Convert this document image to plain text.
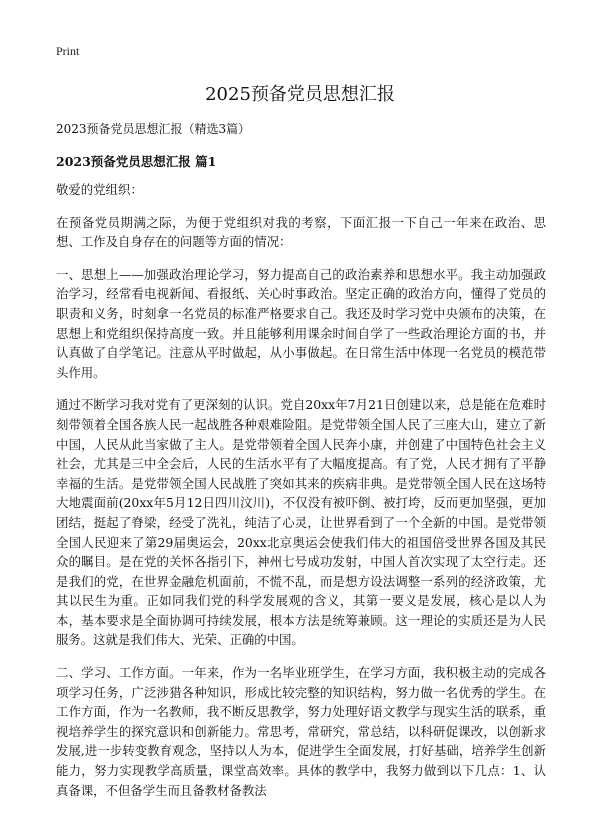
Print
2025预备党员思想汇报

2023预备党员思想汇报（精选3篇）

2023预备党员思想汇报 篇1

敬爱的党组织：

在预备党员期满之际，为便于党组织对我的考察，下面汇报一下自己一年来在政治、思想、工作及自身存在的问题等方面的情况：

一、思想上——加强政治理论学习，努力提高自己的政治素养和思想水平。我主动加强政治学习，经常看电视新闻、看报纸、关心时事政治。坚定正确的政治方向，懂得了党员的职责和义务，时刻拿一名党员的标准严格要求自己。我还及时学习党中央颁布的决策，在思想上和党组织保持高度一致。并且能够利用课余时间自学了一些政治理论方面的书，并认真做了自学笔记。注意从平时做起，从小事做起。在日常生活中体现一名党员的模范带头作用。

通过不断学习我对党有了更深刻的认识。党自20xx年7月21日创建以来，总是能在危难时刻带领着全国各族人民一起战胜各种艰难险阻。是党带领全国人民了三座大山，建立了新中国，人民从此当家做了主人。是党带领着全国人民奔小康，并创建了中国特色社会主义社会，尤其是三中全会后，人民的生活水平有了大幅度提高。有了党，人民才拥有了平静幸福的生活。是党带领全国人民战胜了突如其来的疾病非典。是党带领全国人民在这场特大地震面前(20xx年5月12日四川汶川)，不仅没有被吓倒、被打垮，反而更加坚强，更加团结，挺起了脊梁，经受了洗礼，纯洁了心灵，让世界看到了一个全新的中国。是党带领全国人民迎来了第29届奥运会，20xx北京奥运会使我们伟大的祖国倍受世界各国及其民众的瞩目。是在党的关怀各指引下，神州七号成功发射，中国人首次实现了太空行走。还是我们的党，在世界金融危机面前，不慌不乱，而是想方设法调整一系列的经济政策，尤其以民生为重。正如同我们党的科学发展观的含义，其第一要义是发展，核心是以人为本，基本要求是全面协调可持续发展，根本方法是统筹兼顾。这一理论的实质还是为人民服务。这就是我们伟大、光荣、正确的中国。

二、学习、工作方面。一年来，作为一名毕业班学生，在学习方面，我积极主动的完成各项学习任务，广泛涉猎各种知识，形成比较完整的知识结构，努力做一名优秀的学生。在工作方面，作为一名教师，我不断反思教学，努力处理好语文教学与现实生活的联系，重视培养学生的探究意识和创新能力。常思考，常研究，常总结，以科研促课改，以创新求发展,进一步转变教育观念，坚持以人为本，促进学生全面发展，打好基础，培养学生创新能力，努力实现教学高质量，课堂高效率。具体的教学中，我努力做到以下几点：1、认真备课，不但备学生而且备教材备教法
